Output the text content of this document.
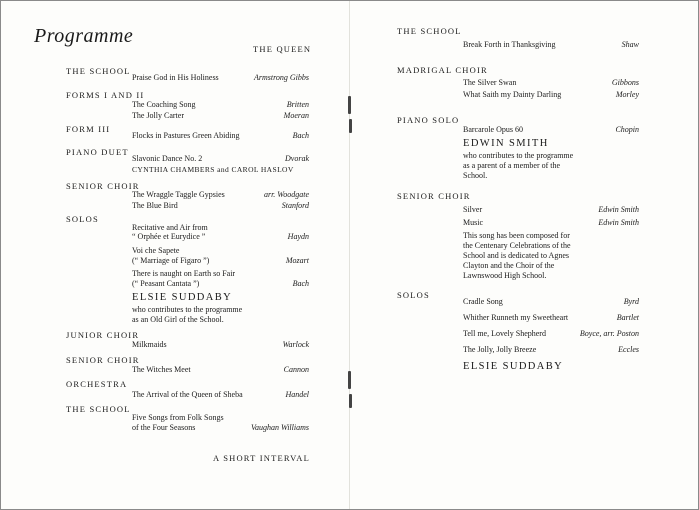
Programme
THE QUEEN
THE SCHOOL
Praise God in His Holiness	Armstrong Gibbs
FORMS I AND II
The Coaching Song	Britten
The Jolly Carter	Moeran
FORM III
Flocks in Pastures Green Abiding	Bach
PIANO DUET
Slavonic Dance No. 2	Dvorak
CYNTHIA CHAMBERS and CAROL HASLOV
SENIOR CHOIR
The Wraggle Taggle Gypsies	arr. Woodgate
The Blue Bird	Stanford
SOLOS
Recitative and Air from
“ Orphée et Eurydice ”	Haydn
Voi che Sapete
(“ Marriage of Figaro ”)	Mozart
There is naught on Earth so Fair
(“ Peasant Cantata ”)	Bach
ELSIE SUDDABY
who contributes to the programme
as an Old Girl of the School.
JUNIOR CHOIR
Milkmaids	Warlock
SENIOR CHOIR
The Witches Meet	Cannon
ORCHESTRA
The Arrival of the Queen of Sheba	Handel
THE SCHOOL
Five Songs from Folk Songs
of the Four Seasons	Vaughan Williams
A SHORT INTERVAL
THE SCHOOL
Break Forth in Thanksgiving	Shaw
MADRIGAL CHOIR
The Silver Swan	Gibbons
What Saith my Dainty Darling	Morley
PIANO SOLO
Barcarole Opus 60	Chopin
EDWIN SMITH
who contributes to the programme
as a parent of a member of the
School.
SENIOR CHOIR
Silver	Edwin Smith
Music	Edwin Smith
This song has been composed for
the Centenary Celebrations of the
School and is dedicated to Agnes
Clayton and the Choir of the
Lawnswood High School.
SOLOS
Cradle Song	Byrd
Whither Runneth my Sweetheart	Bartlet
Tell me, Lovely Shepherd	Boyce, arr. Poston
The Jolly, Jolly Breeze	Eccles
ELSIE SUDDABY
